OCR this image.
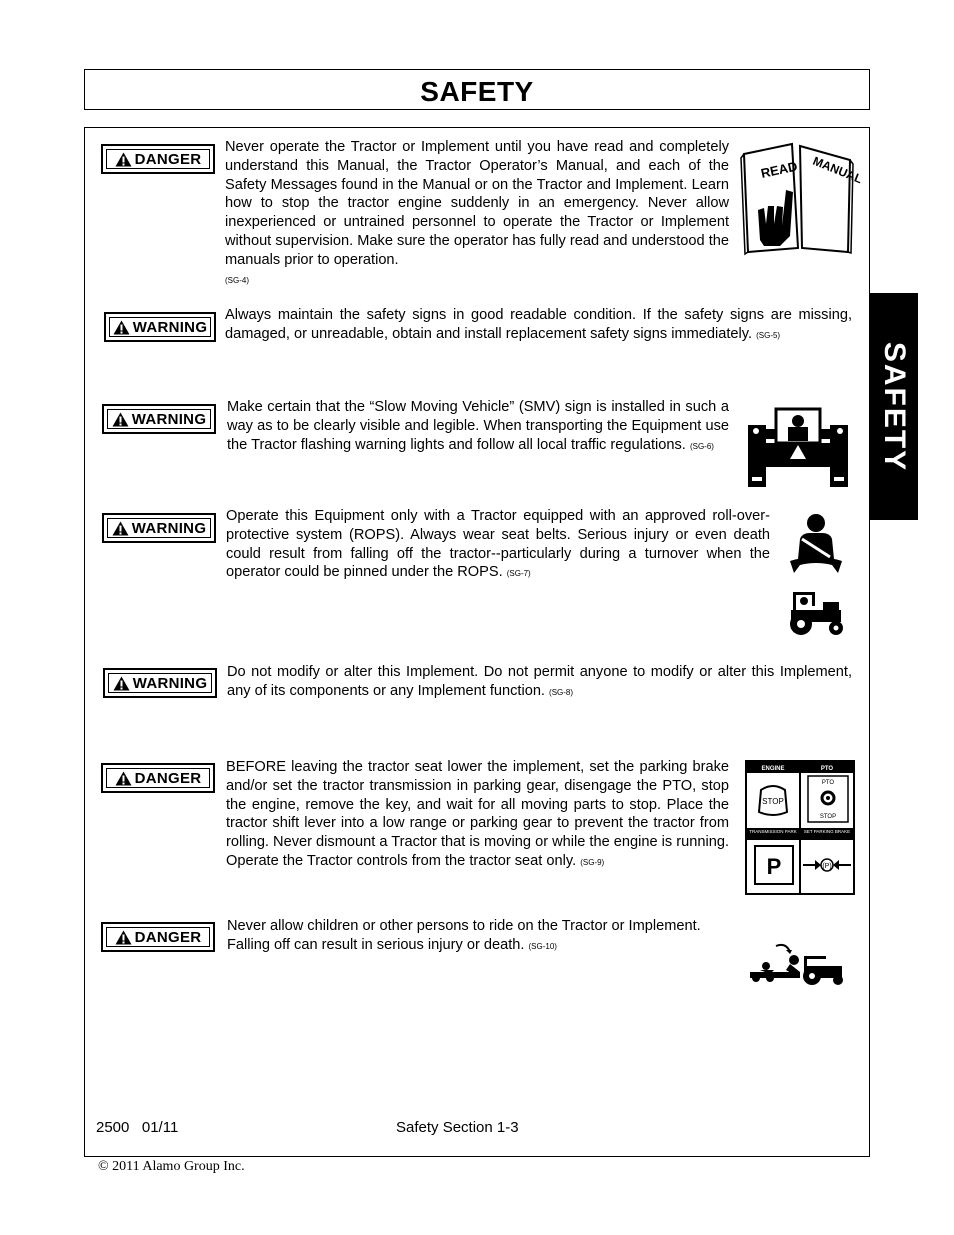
SAFETY
SAFETY
DANGER
Never operate the Tractor or Implement until you have read and completely understand this Manual, the Tractor Operator’s Manual, and each of the Safety Messages found in the Manual or on the Tractor and Implement. Learn how to stop the tractor engine suddenly in an emergency. Never allow inexperienced or untrained personnel to operate the Tractor or Implement without supervision. Make sure the operator has fully read and understood the manuals prior to operation.
(SG-4)
READ MANUAL
WARNING
Always maintain the safety signs in good readable condition. If the safety signs are missing, damaged, or unreadable, obtain and install replacement safety signs immediately. (SG-5)
WARNING
Make certain that the “Slow Moving Vehicle” (SMV) sign is installed in such a way as to be clearly visible and legible. When transporting the Equipment use the Tractor flashing warning lights and follow all local traffic regulations. (SG-6)
WARNING
Operate this Equipment only with a Tractor equipped with an approved roll-over-protective system (ROPS). Always wear seat belts. Serious injury or even death could result from falling off the tractor--particularly during a turnover when the operator could be pinned under the ROPS. (SG-7)
WARNING
Do not modify or alter this Implement. Do not permit anyone to modify or alter this Implement, any of its components or any Implement function. (SG-8)
DANGER
BEFORE leaving the tractor seat lower the implement, set the parking brake and/or set the tractor transmission in parking gear, disengage the PTO, stop the engine, remove the key, and wait for all moving parts to stop. Place the tractor shift lever into a low range or parking gear to prevent the tractor from rolling. Never dismount a Tractor that is moving or while the engine is running. Operate the Tractor controls from the tractor seat only. (SG-9)
ENGINE	PTO
STOP
PTO
STOP
TRANSMISSION PARK SET PARKING BRAKE
P	(P)
DANGER
Never allow children or other persons to ride on the Tractor or Implement. Falling off can result in serious injury or death. (SG-10)
2500   01/11	Safety Section 1-3
© 2011 Alamo Group Inc.
